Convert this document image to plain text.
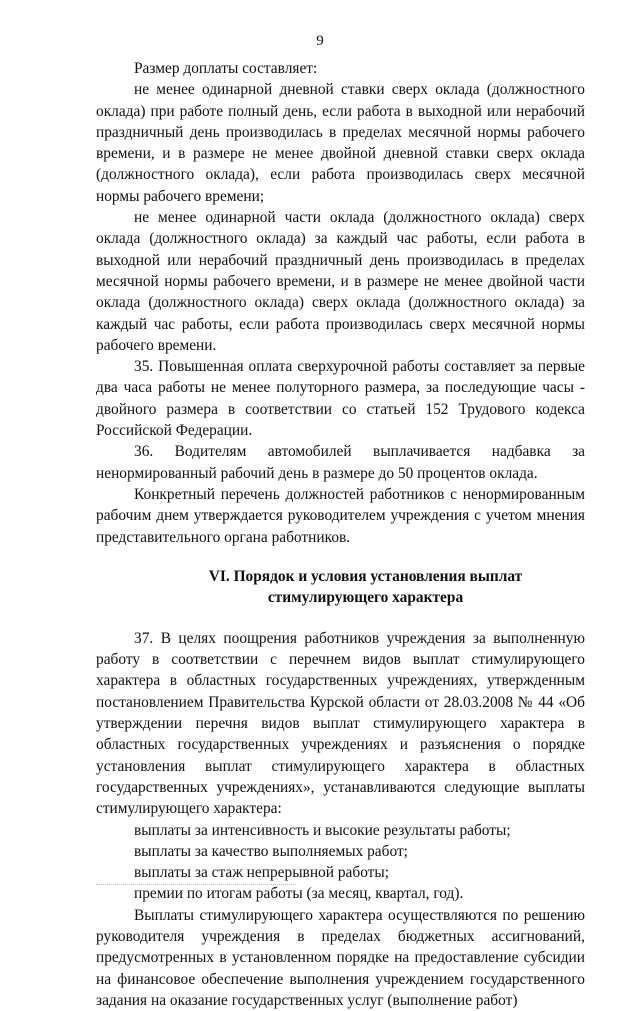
9

Размер доплаты составляет:

не менее одинарной дневной ставки сверх оклада (должностного оклада) при работе полный день, если работа в выходной или нерабочий праздничный день производилась в пределах месячной нормы рабочего времени, и в размере не менее двойной дневной ставки сверх оклада (должностного оклада), если работа производилась сверх месячной нормы рабочего времени;

не менее одинарной части оклада (должностного оклада) сверх оклада (должностного оклада) за каждый час работы, если работа в выходной или нерабочий праздничный день производилась в пределах месячной нормы рабочего времени, и в размере не менее двойной части оклада (должностного оклада) сверх оклада (должностного оклада) за каждый час работы, если работа производилась сверх месячной нормы рабочего времени.

35. Повышенная оплата сверхурочной работы составляет за первые два часа работы не менее полуторного размера, за последующие часы - двойного размера в соответствии со статьей 152 Трудового кодекса Российской Федерации.

36. Водителям автомобилей выплачивается надбавка за ненормированный рабочий день в размере до 50 процентов оклада.

Конкретный перечень должностей работников с ненормированным рабочим днем утверждается руководителем учреждения с учетом мнения представительного органа работников.

VI. Порядок и условия установления выплат
стимулирующего характера

37. В целях поощрения работников учреждения за выполненную работу в соответствии с перечнем видов выплат стимулирующего характера в областных государственных учреждениях, утвержденным постановлением Правительства Курской области от 28.03.2008 № 44 «Об утверждении перечня видов выплат стимулирующего характера в областных государственных учреждениях и разъяснения о порядке установления выплат стимулирующего характера в областных государственных учреждениях», устанавливаются следующие выплаты стимулирующего характера:

выплаты за интенсивность и высокие результаты работы;

выплаты за качество выполняемых работ;

выплаты за стаж непрерывной работы;

премии по итогам работы (за месяц, квартал, год).

Выплаты стимулирующего характера осуществляются по решению руководителя учреждения в пределах бюджетных ассигнований, предусмотренных в установленном порядке на предоставление субсидии на финансовое обеспечение выполнения учреждением государственного задания на оказание государственных услуг (выполнение работ)
